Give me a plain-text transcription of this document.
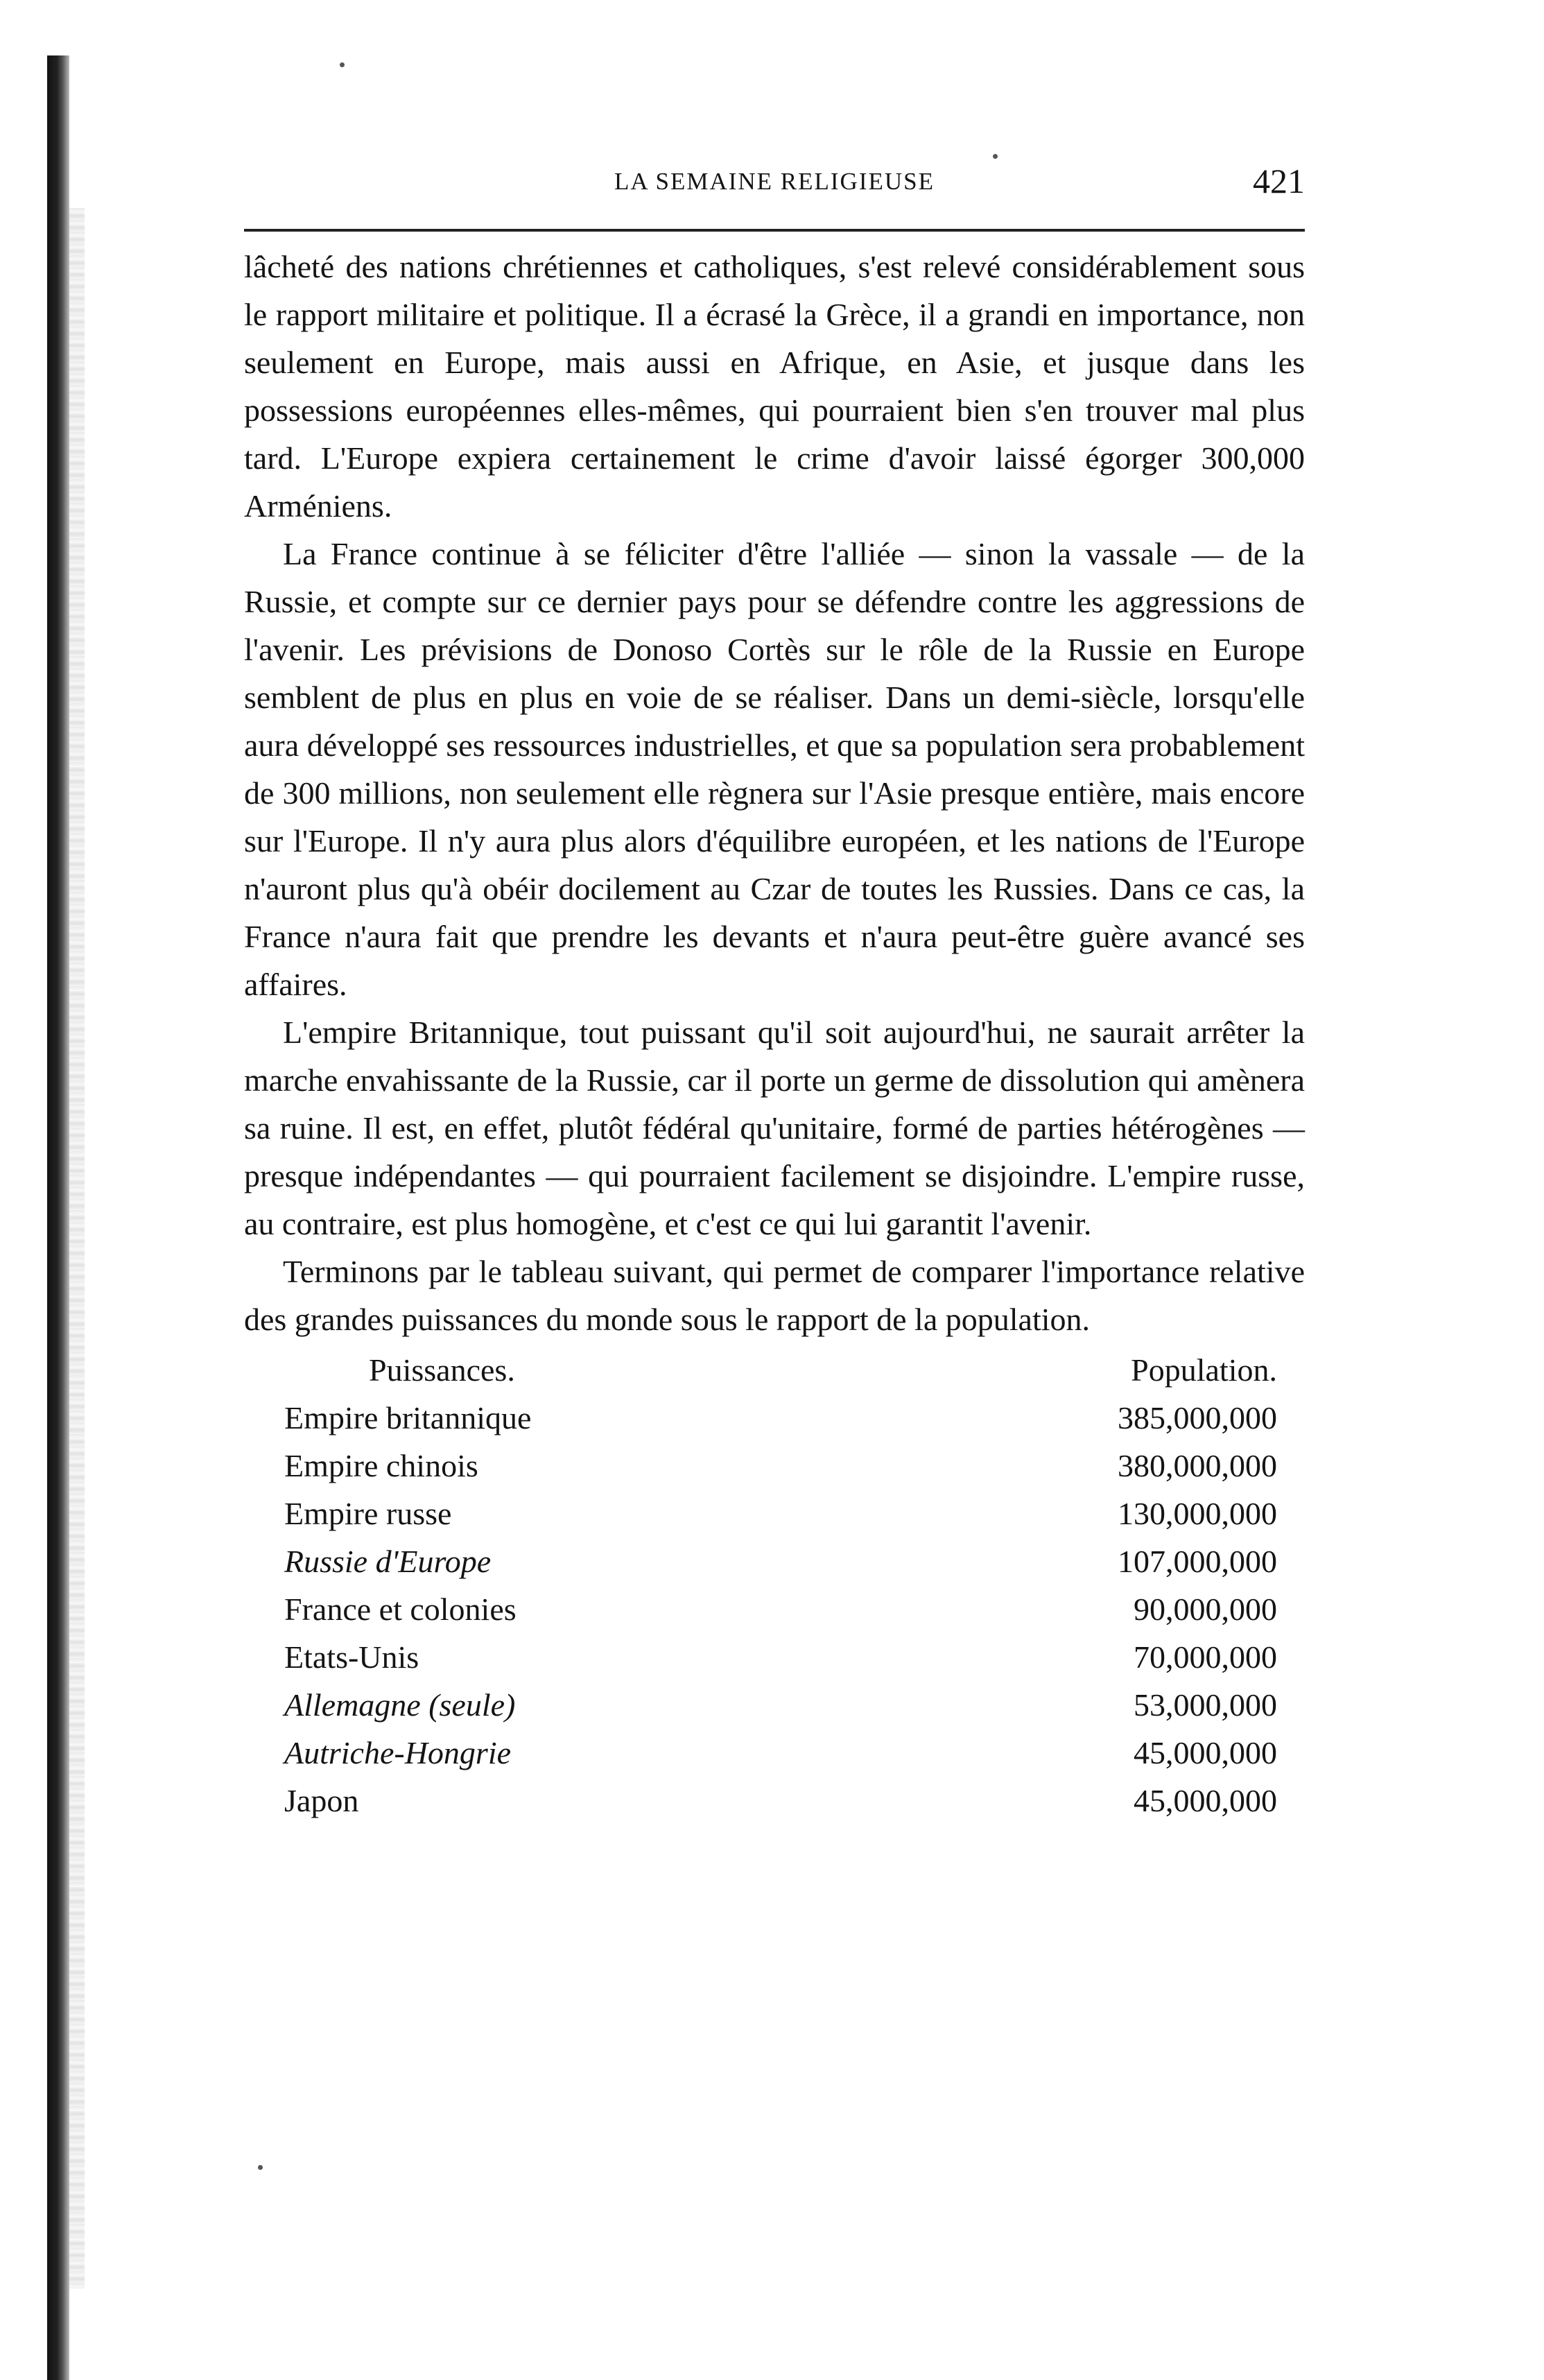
LA SEMAINE RELIGIEUSE	421

lâcheté des nations chrétiennes et catholiques, s'est relevé considérablement sous le rapport militaire et politique. Il a écrasé la Grèce, il a grandi en importance, non seulement en Europe, mais aussi en Afrique, en Asie, et jusque dans les possessions européennes elles-mêmes, qui pourraient bien s'en trouver mal plus tard. L'Europe expiera certainement le crime d'avoir laissé égorger 300,000 Arméniens.

La France continue à se féliciter d'être l'alliée — sinon la vassale — de la Russie, et compte sur ce dernier pays pour se défendre contre les aggressions de l'avenir. Les prévisions de Donoso Cortès sur le rôle de la Russie en Europe semblent de plus en plus en voie de se réaliser. Dans un demi-siècle, lorsqu'elle aura développé ses ressources industrielles, et que sa population sera probablement de 300 millions, non seulement elle règnera sur l'Asie presque entière, mais encore sur l'Europe. Il n'y aura plus alors d'équilibre européen, et les nations de l'Europe n'auront plus qu'à obéir docilement au Czar de toutes les Russies. Dans ce cas, la France n'aura fait que prendre les devants et n'aura peut-être guère avancé ses affaires.

L'empire Britannique, tout puissant qu'il soit aujourd'hui, ne saurait arrêter la marche envahissante de la Russie, car il porte un germe de dissolution qui amènera sa ruine. Il est, en effet, plutôt fédéral qu'unitaire, formé de parties hétérogènes — presque indépendantes — qui pourraient facilement se disjoindre. L'empire russe, au contraire, est plus homogène, et c'est ce qui lui garantit l'avenir.

Terminons par le tableau suivant, qui permet de comparer l'importance relative des grandes puissances du monde sous le rapport de la population.

Puissances.	Population.
Empire britannique	385,000,000
Empire chinois	380,000,000
Empire russe	130,000,000
Russie d'Europe	107,000,000
France et colonies	90,000,000
Etats-Unis	70,000,000
Allemagne (seule)	53,000,000
Autriche-Hongrie	45,000,000
Japon	45,000,000
